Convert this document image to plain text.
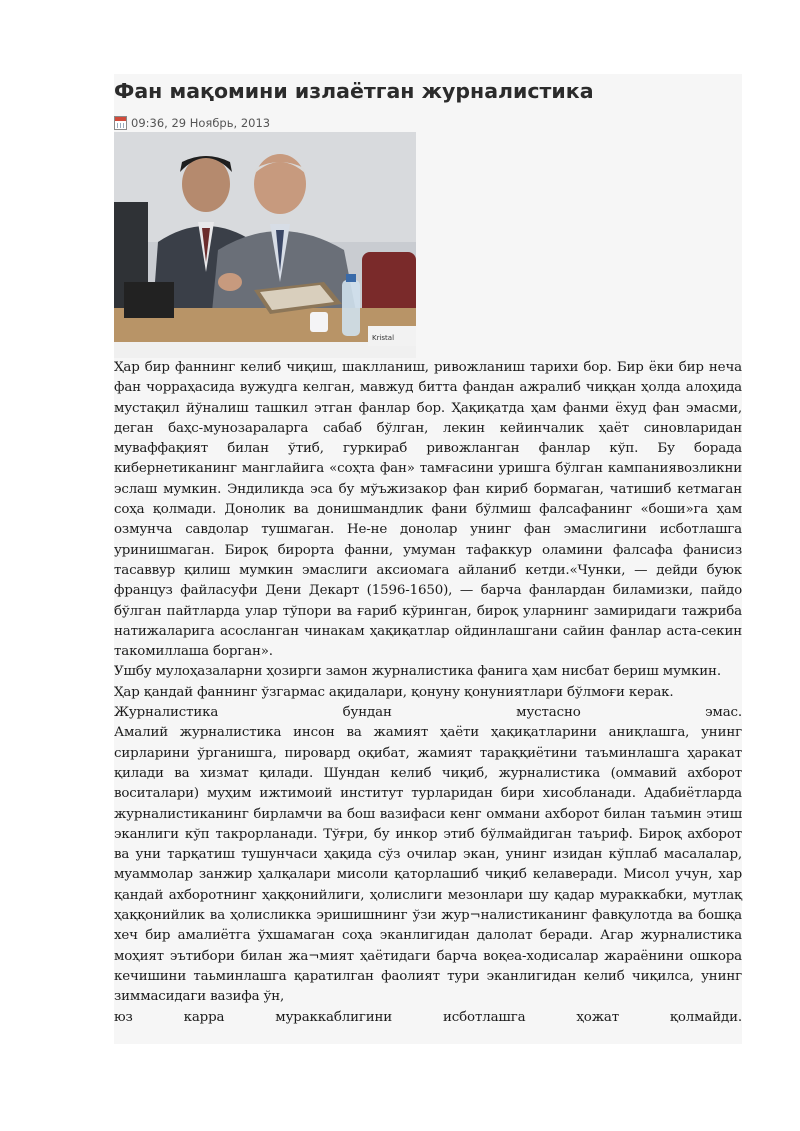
Фан мақомини излаётган журналистика
09:36, 29 Ноябрь, 2013
Kristal

Ҳар бир фаннинг келиб чиқиш, шаклланиш, ривожланиш тарихи бор. Бир ёки бир неча фан чорраҳасида вужудга келган, мавжуд битта фандан ажралиб чиққан ҳолда алоҳида мустақил йўналиш ташкил этган фанлар бор. Ҳақиқатда ҳам фанми ёхуд фан эмасми, деган баҳс-мунозараларга сабаб бўлган, лекин кейинчалик ҳаёт синовларидан муваффақият билан ўтиб, гуркираб ривожланган фанлар кўп. Бу борада кибернетиканинг манглайига «соҳта фан» тамғасини уришга бўлган кампаниявозликни эслаш мумкин. Эндиликда эса бу мўъжизакор фан кириб бормаган, чатишиб кетмаган соҳа қолмади. Донолик ва донишмандлик фани бўлмиш фалсафанинг «боши»га ҳам озмунча савдолар тушмаган. Не-не донолар унинг фан эмаслигини исботлашга уринишмаган. Бироқ бирорта фанни, умуман тафаккур оламини фалсафа фанисиз тасаввур қилиш мумкин эмаслиги аксиомага айланиб кетди.«Чунки, — дейди буюк француз файласуфи Дени Декарт (1596-1650), — барча фанлардан биламизки, пайдо бўлган пайтларда улар тўпори ва ғариб кўринган, бироқ уларнинг замиридаги тажриба натижаларига асосланган чинакам ҳақиқатлар ойдинлашгани сайин фанлар аста-секин такомиллаша борган».

Ушбу мулоҳазаларни ҳозирги замон журналистика фанига ҳам нисбат бериш мумкин.

Ҳар қандай фаннинг ўзгармас ақидалари, қонуну қонуниятлари бўлмоғи керак.

Журналистика бундан мустасно эмас.

Амалий журналистика инсон ва жамият ҳаёти ҳақиқатларини аниқлашга, унинг сирларини ўрганишга, пировард оқибат, жамият тараққиётини таъминлашга ҳаракат қилади ва хизмат қилади. Шундан келиб чиқиб, журналистика (оммавий ахборот воситалари) муҳим ижтимоий институт турларидан бири хисобланади. Адабиётларда журналистиканинг бирламчи ва бош вазифаси кенг оммани ахборот билан таъмин этиш эканлиги кўп такрорланади. Тўғри, бу инкор этиб бўлмайдиган таъриф. Бироқ ахборот ва уни тарқатиш тушунчаси ҳақида сўз очилар экан, унинг изидан кўплаб масалалар, муаммолар занжир ҳалқалари мисоли қаторлашиб чиқиб келаверади. Мисол учун, хар қандай ахборотнинг ҳаққонийлиги, ҳолислиги мезонлари шу қадар мураккабки, мутлақ ҳаққонийлик ва ҳолисликка эришишнинг ўзи жур¬налистиканинг фавқулотда ва бошқа хеч бир амалиётга ўхшамаган соҳа эканлигидан далолат беради. Агар журналистика моҳият эътибори билан жа¬мият ҳаётидаги барча воқеа-ходисалар жараёнини ошкора кечишини таьминлашга қаратилган фаолият тури эканлигидан келиб чиқилса, унинг зиммасидаги вазифа ўн,

юз карра мураккаблигини исботлашга ҳожат қолмайди.
